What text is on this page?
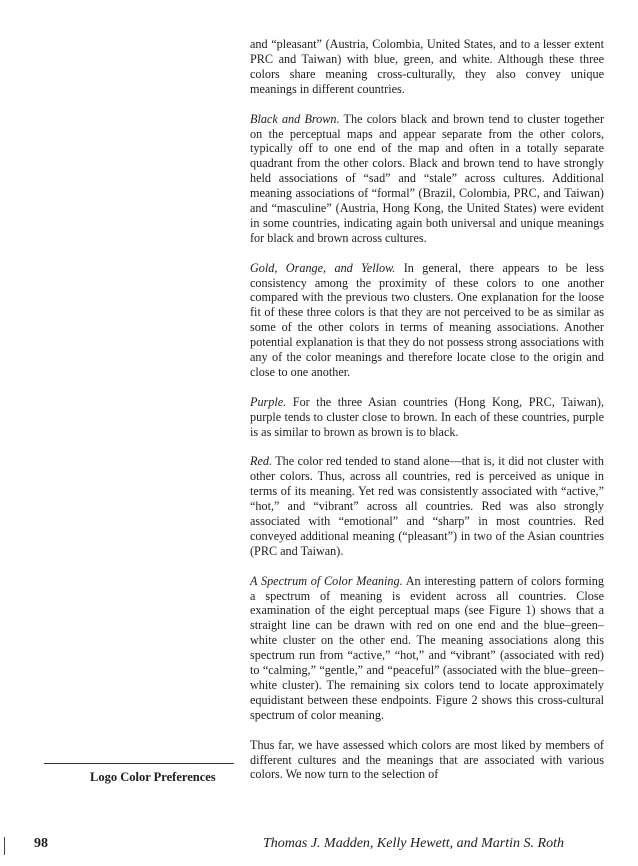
and “pleasant” (Austria, Colombia, United States, and to a lesser extent PRC and Taiwan) with blue, green, and white. Although these three colors share meaning cross-culturally, they also convey unique meanings in different countries.

Black and Brown. The colors black and brown tend to cluster together on the perceptual maps and appear separate from the other colors, typically off to one end of the map and often in a totally separate quadrant from the other colors. Black and brown tend to have strongly held associations of “sad” and “stale” across cultures. Additional meaning associations of “formal” (Brazil, Colombia, PRC, and Taiwan) and “masculine” (Austria, Hong Kong, the United States) were evident in some countries, indicating again both universal and unique meanings for black and brown across cultures.

Gold, Orange, and Yellow. In general, there appears to be less consistency among the proximity of these colors to one another compared with the previous two clusters. One explanation for the loose fit of these three colors is that they are not perceived to be as similar as some of the other colors in terms of meaning associations. Another potential explanation is that they do not possess strong associations with any of the color meanings and therefore locate close to the origin and close to one another.

Purple. For the three Asian countries (Hong Kong, PRC, Taiwan), purple tends to cluster close to brown. In each of these countries, purple is as similar to brown as brown is to black.

Red. The color red tended to stand alone—that is, it did not cluster with other colors. Thus, across all countries, red is perceived as unique in terms of its meaning. Yet red was consistently associated with “active,” “hot,” and “vibrant” across all countries. Red was also strongly associated with “emotional” and “sharp” in most countries. Red conveyed additional meaning (“pleasant”) in two of the Asian countries (PRC and Taiwan).

A Spectrum of Color Meaning. An interesting pattern of colors forming a spectrum of meaning is evident across all countries. Close examination of the eight perceptual maps (see Figure 1) shows that a straight line can be drawn with red on one end and the blue–green–white cluster on the other end. The meaning associations along this spectrum run from “active,” “hot,” and “vibrant” (associated with red) to “calming,” “gentle,” and “peaceful” (associated with the blue–green–white cluster). The remaining six colors tend to locate approximately equidistant between these endpoints. Figure 2 shows this cross-cultural spectrum of color meaning.

Thus far, we have assessed which colors are most liked by members of different cultures and the meanings that are associated with various colors. We now turn to the selection of

Logo Color Preferences
98	Thomas J. Madden, Kelly Hewett, and Martin S. Roth
